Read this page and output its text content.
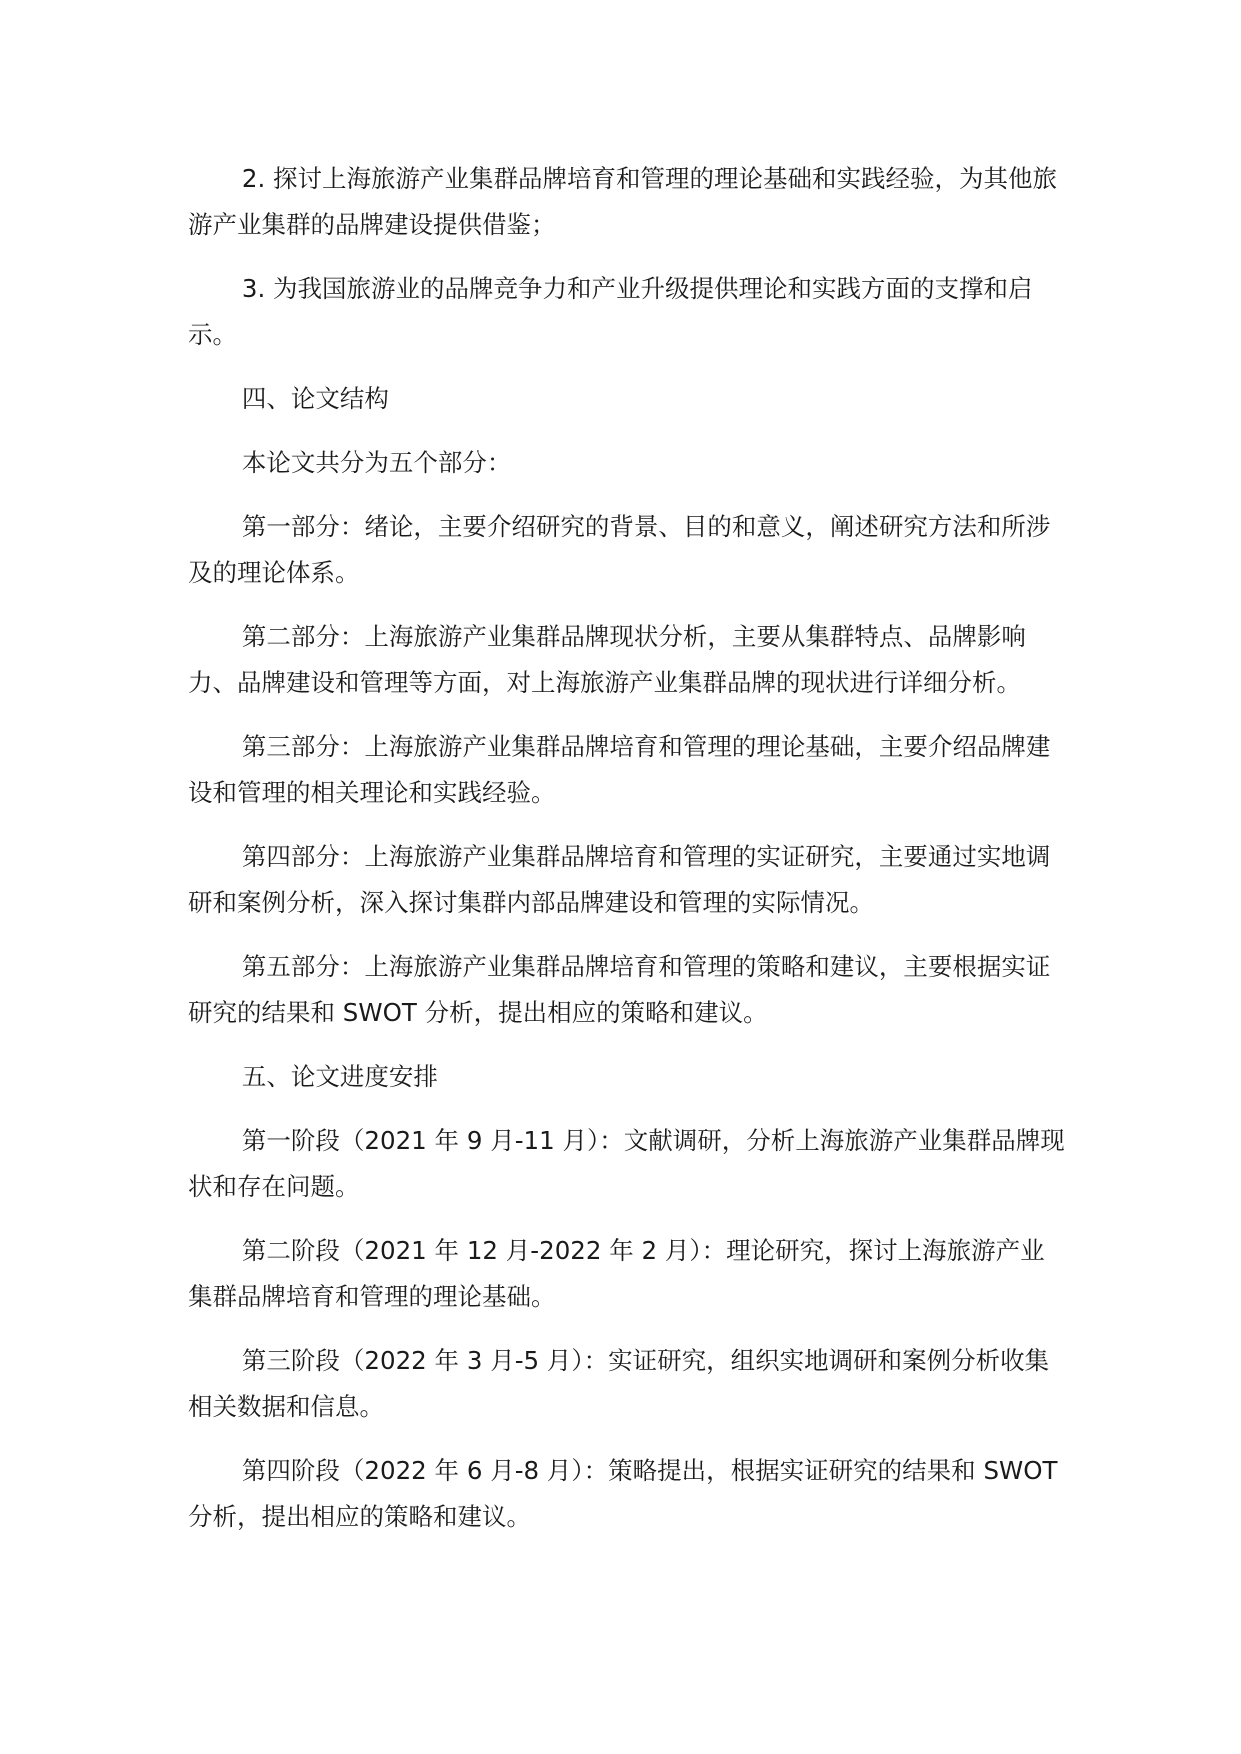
2. 探讨上海旅游产业集群品牌培育和管理的理论基础和实践经验，为其他旅游产业集群的品牌建设提供借鉴；

3. 为我国旅游业的品牌竞争力和产业升级提供理论和实践方面的支撑和启示。

四、论文结构

本论文共分为五个部分：

第一部分：绪论，主要介绍研究的背景、目的和意义，阐述研究方法和所涉及的理论体系。

第二部分：上海旅游产业集群品牌现状分析，主要从集群特点、品牌影响力、品牌建设和管理等方面，对上海旅游产业集群品牌的现状进行详细分析。

第三部分：上海旅游产业集群品牌培育和管理的理论基础，主要介绍品牌建设和管理的相关理论和实践经验。

第四部分：上海旅游产业集群品牌培育和管理的实证研究，主要通过实地调研和案例分析，深入探讨集群内部品牌建设和管理的实际情况。

第五部分：上海旅游产业集群品牌培育和管理的策略和建议，主要根据实证研究的结果和 SWOT 分析，提出相应的策略和建议。

五、论文进度安排

第一阶段（2021 年 9 月-11 月）：文献调研，分析上海旅游产业集群品牌现状和存在问题。

第二阶段（2021 年 12 月-2022 年 2 月）：理论研究，探讨上海旅游产业集群品牌培育和管理的理论基础。

第三阶段（2022 年 3 月-5 月）：实证研究，组织实地调研和案例分析收集相关数据和信息。

第四阶段（2022 年 6 月-8 月）：策略提出，根据实证研究的结果和 SWOT 分析，提出相应的策略和建议。
